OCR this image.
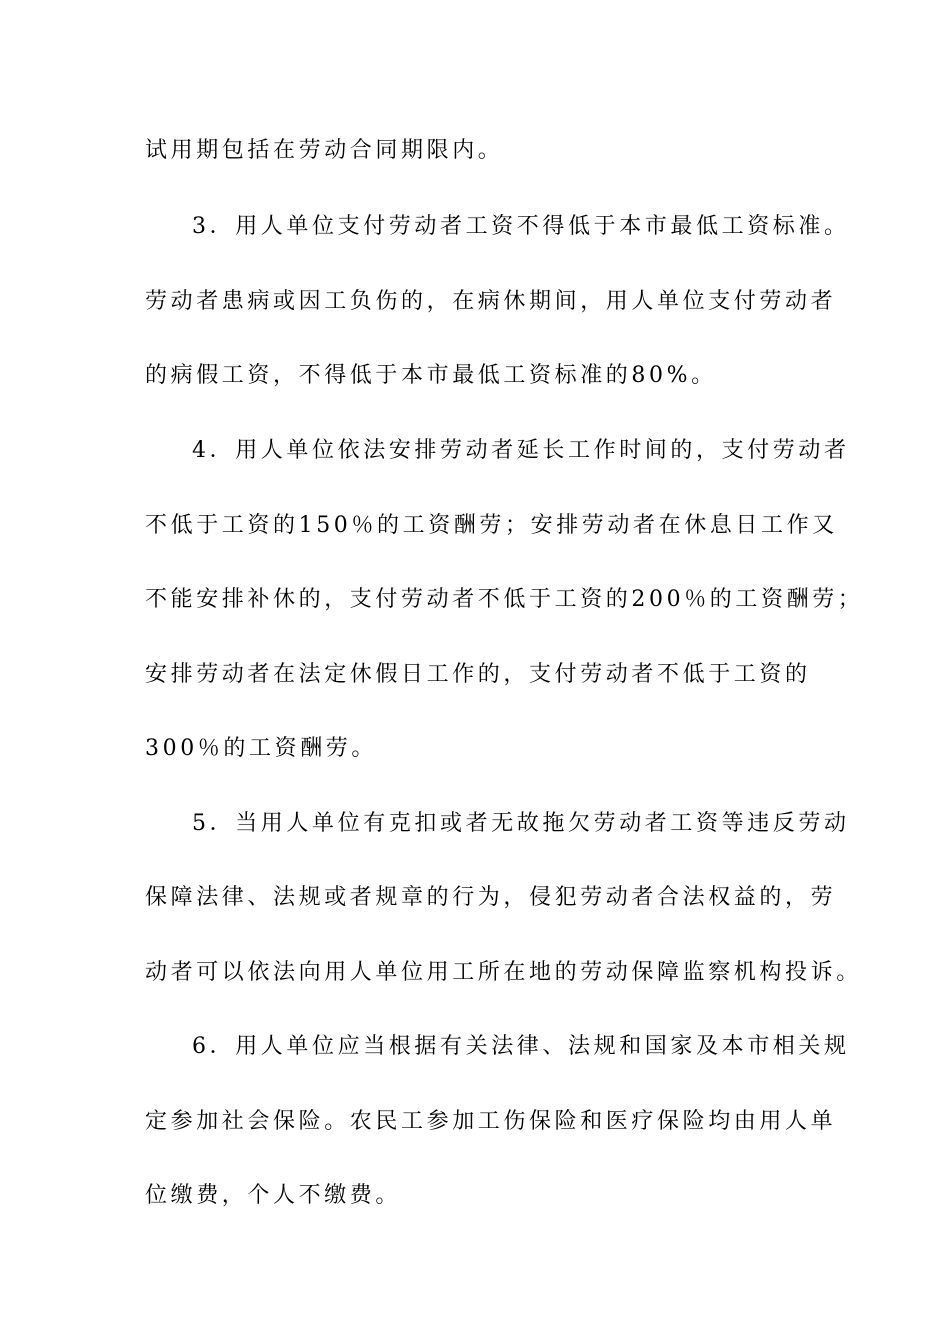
试用期包括在劳动合同期限内。
3．用人单位支付劳动者工资不得低于本市最低工资标准。
劳动者患病或因工负伤的，在病休期间，用人单位支付劳动者
的病假工资，不得低于本市最低工资标准的80%。
4．用人单位依法安排劳动者延长工作时间的，支付劳动者
不低于工资的150％的工资酬劳；安排劳动者在休息日工作又
不能安排补休的，支付劳动者不低于工资的200％的工资酬劳；
安排劳动者在法定休假日工作的，支付劳动者不低于工资的
300％的工资酬劳。
5．当用人单位有克扣或者无故拖欠劳动者工资等违反劳动
保障法律、法规或者规章的行为，侵犯劳动者合法权益的，劳
动者可以依法向用人单位用工所在地的劳动保障监察机构投诉。
6．用人单位应当根据有关法律、法规和国家及本市相关规
定参加社会保险。农民工参加工伤保险和医疗保险均由用人单
位缴费，个人不缴费。
